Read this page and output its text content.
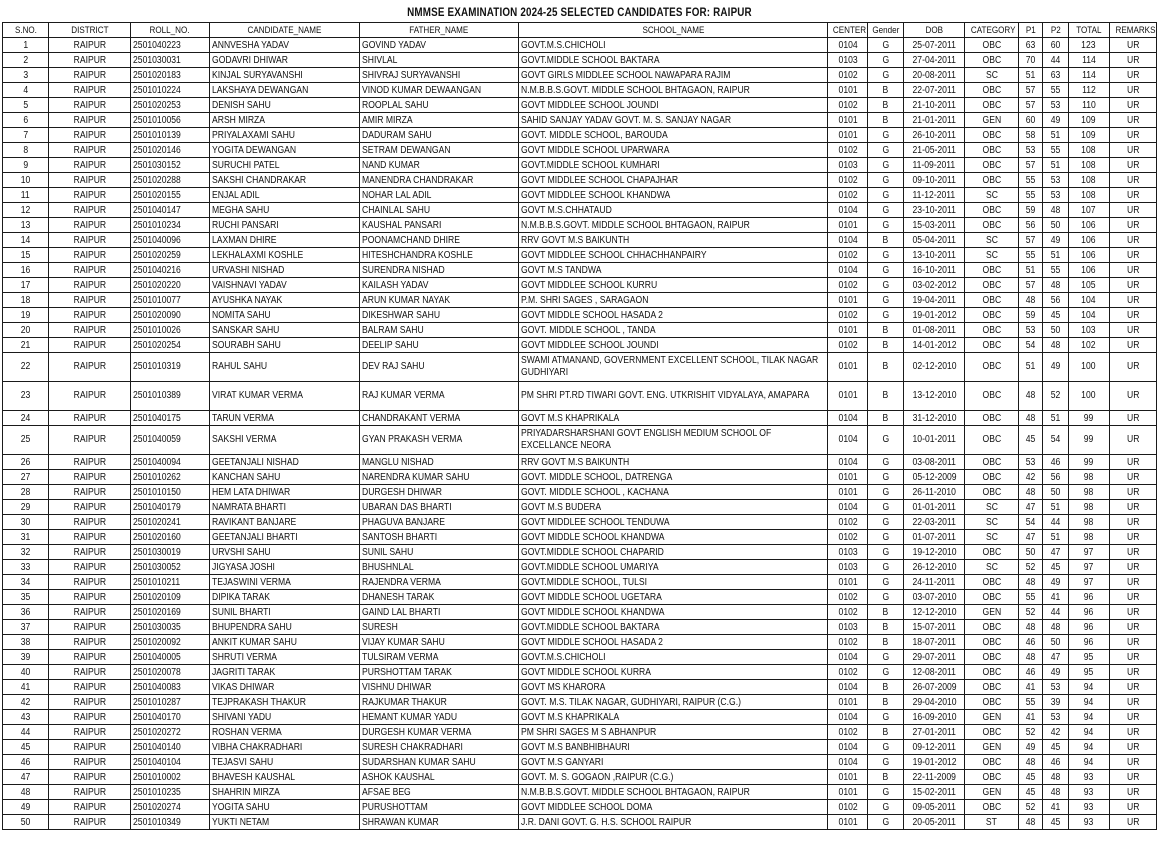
NMMSE EXAMINATION 2024-25 SELECTED CANDIDATES FOR: RAIPUR
S.NO.	DISTRICT	ROLL_NO.	CANDIDATE_NAME	FATHER_NAME	SCHOOL_NAME	CENTER	Gender	DOB	CATEGORY	P1	P2	TOTAL	REMARKS
1	RAIPUR	2501040223	ANNVESHA YADAV	GOVIND YADAV	GOVT.M.S.CHICHOLI	0104	G	25-07-2011	OBC	63	60	123	UR
2	RAIPUR	2501030031	GODAVRI DHIWAR	SHIVLAL	GOVT.MIDDLE SCHOOL BAKTARA	0103	G	27-04-2011	OBC	70	44	114	UR
3	RAIPUR	2501020183	KINJAL SURYAVANSHI	SHIVRAJ SURYAVANSHI	GOVT GIRLS MIDDLEE SCHOOL NAWAPARA RAJIM	0102	G	20-08-2011	SC	51	63	114	UR
4	RAIPUR	2501010224	LAKSHAYA DEWANGAN	VINOD KUMAR DEWAANGAN	N.M.B.B.S.GOVT. MIDDLE SCHOOL BHTAGAON, RAIPUR	0101	B	22-07-2011	OBC	57	55	112	UR
5	RAIPUR	2501020253	DENISH SAHU	ROOPLAL SAHU	GOVT MIDDLEE SCHOOL JOUNDI	0102	B	21-10-2011	OBC	57	53	110	UR
6	RAIPUR	2501010056	ARSH MIRZA	AMIR MIRZA	SAHID SANJAY YADAV GOVT. M. S. SANJAY NAGAR	0101	B	21-01-2011	GEN	60	49	109	UR
7	RAIPUR	2501010139	PRIYALAXAMI SAHU	DADURAM SAHU	GOVT. MIDDLE SCHOOL, BAROUDA	0101	G	26-10-2011	OBC	58	51	109	UR
8	RAIPUR	2501020146	YOGITA DEWANGAN	SETRAM DEWANGAN	GOVT MIDDLE SCHOOL UPARWARA	0102	G	21-05-2011	OBC	53	55	108	UR
9	RAIPUR	2501030152	SURUCHI PATEL	NAND KUMAR	GOVT.MIDDLE SCHOOL KUMHARI	0103	G	11-09-2011	OBC	57	51	108	UR
10	RAIPUR	2501020288	SAKSHI CHANDRAKAR	MANENDRA CHANDRAKAR	GOVT MIDDLEE SCHOOL CHAPAJHAR	0102	G	09-10-2011	OBC	55	53	108	UR
11	RAIPUR	2501020155	ENJAL ADIL	NOHAR LAL ADIL	GOVT MIDDLEE SCHOOL KHANDWA	0102	G	11-12-2011	SC	55	53	108	UR
12	RAIPUR	2501040147	MEGHA SAHU	CHAINLAL SAHU	GOVT M.S.CHHATAUD	0104	G	23-10-2011	OBC	59	48	107	UR
13	RAIPUR	2501010234	RUCHI PANSARI	KAUSHAL PANSARI	N.M.B.B.S.GOVT. MIDDLE SCHOOL BHTAGAON, RAIPUR	0101	G	15-03-2011	OBC	56	50	106	UR
14	RAIPUR	2501040096	LAXMAN DHIRE	POONAMCHAND DHIRE	RRV GOVT M.S BAIKUNTH	0104	B	05-04-2011	SC	57	49	106	UR
15	RAIPUR	2501020259	LEKHALAXMI KOSHLE	HITESHCHANDRA KOSHLE	GOVT MIDDLEE SCHOOL CHHACHHANPAIRY	0102	G	13-10-2011	SC	55	51	106	UR
16	RAIPUR	2501040216	URVASHI NISHAD	SURENDRA NISHAD	GOVT M.S TANDWA	0104	G	16-10-2011	OBC	51	55	106	UR
17	RAIPUR	2501020220	VAISHNAVI YADAV	KAILASH YADAV	GOVT MIDDLEE SCHOOL KURRU	0102	G	03-02-2012	OBC	57	48	105	UR
18	RAIPUR	2501010077	AYUSHKA NAYAK	ARUN KUMAR NAYAK	P.M. SHRI SAGES , SARAGAON	0101	G	19-04-2011	OBC	48	56	104	UR
19	RAIPUR	2501020090	NOMITA SAHU	DIKESHWAR SAHU	GOVT MIDDLE SCHOOL HASADA 2	0102	G	19-01-2012	OBC	59	45	104	UR
20	RAIPUR	2501010026	SANSKAR SAHU	BALRAM SAHU	GOVT. MIDDLE SCHOOL , TANDA	0101	B	01-08-2011	OBC	53	50	103	UR
21	RAIPUR	2501020254	SOURABH SAHU	DEELIP SAHU	GOVT MIDDLEE SCHOOL JOUNDI	0102	B	14-01-2012	OBC	54	48	102	UR
22	RAIPUR	2501010319	RAHUL SAHU	DEV RAJ SAHU	SWAMI ATMANAND, GOVERNMENT EXCELLENT SCHOOL, TILAK NAGAR GUDHIYARI	0101	B	02-12-2010	OBC	51	49	100	UR
23	RAIPUR	2501010389	VIRAT KUMAR VERMA	RAJ KUMAR VERMA	PM SHRI PT.RD TIWARI GOVT. ENG. UTKRISHIT VIDYALAYA, AMAPARA	0101	B	13-12-2010	OBC	48	52	100	UR
24	RAIPUR	2501040175	TARUN VERMA	CHANDRAKANT VERMA	GOVT M.S KHAPRIKALA	0104	B	31-12-2010	OBC	48	51	99	UR
25	RAIPUR	2501040059	SAKSHI VERMA	GYAN PRAKASH VERMA	PRIYADARSHARSHANI GOVT ENGLISH MEDIUM SCHOOL OF EXCELLANCE NEORA	0104	G	10-01-2011	OBC	45	54	99	UR
26	RAIPUR	2501040094	GEETANJALI NISHAD	MANGLU NISHAD	RRV GOVT M.S BAIKUNTH	0104	G	03-08-2011	OBC	53	46	99	UR
27	RAIPUR	2501010262	KANCHAN SAHU	NARENDRA KUMAR SAHU	GOVT. MIDDLE SCHOOL, DATRENGA	0101	G	05-12-2009	OBC	42	56	98	UR
28	RAIPUR	2501010150	HEM LATA DHIWAR	DURGESH DHIWAR	GOVT. MIDDLE SCHOOL , KACHANA	0101	G	26-11-2010	OBC	48	50	98	UR
29	RAIPUR	2501040179	NAMRATA BHARTI	UBARAN DAS BHARTI	GOVT M.S BUDERA	0104	G	01-01-2011	SC	47	51	98	UR
30	RAIPUR	2501020241	RAVIKANT BANJARE	PHAGUVA BANJARE	GOVT MIDDLEE SCHOOL TENDUWA	0102	G	22-03-2011	SC	54	44	98	UR
31	RAIPUR	2501020160	GEETANJALI BHARTI	SANTOSH BHARTI	GOVT MIDDLE SCHOOL KHANDWA	0102	G	01-07-2011	SC	47	51	98	UR
32	RAIPUR	2501030019	URVSHI SAHU	SUNIL SAHU	GOVT.MIDDLE SCHOOL CHAPARID	0103	G	19-12-2010	OBC	50	47	97	UR
33	RAIPUR	2501030052	JIGYASA JOSHI	BHUSHNLAL	GOVT.MIDDLE SCHOOL UMARIYA	0103	G	26-12-2010	SC	52	45	97	UR
34	RAIPUR	2501010211	TEJASWINI VERMA	RAJENDRA VERMA	GOVT.MIDDLE SCHOOL, TULSI	0101	G	24-11-2011	OBC	48	49	97	UR
35	RAIPUR	2501020109	DIPIKA TARAK	DHANESH TARAK	GOVT MIDDLE SCHOOL UGETARA	0102	G	03-07-2010	OBC	55	41	96	UR
36	RAIPUR	2501020169	SUNIL BHARTI	GAIND LAL BHARTI	GOVT MIDDLE SCHOOL KHANDWA	0102	B	12-12-2010	GEN	52	44	96	UR
37	RAIPUR	2501030035	BHUPENDRA SAHU	SURESH	GOVT.MIDDLE SCHOOL BAKTARA	0103	B	15-07-2011	OBC	48	48	96	UR
38	RAIPUR	2501020092	ANKIT KUMAR SAHU	VIJAY KUMAR SAHU	GOVT MIDDLE SCHOOL HASADA 2	0102	B	18-07-2011	OBC	46	50	96	UR
39	RAIPUR	2501040005	SHRUTI VERMA	TULSIRAM VERMA	GOVT.M.S.CHICHOLI	0104	G	29-07-2011	OBC	48	47	95	UR
40	RAIPUR	2501020078	JAGRITI TARAK	PURSHOTTAM TARAK	GOVT MIDDLE SCHOOL KURRA	0102	G	12-08-2011	OBC	46	49	95	UR
41	RAIPUR	2501040083	VIKAS DHIWAR	VISHNU DHIWAR	GOVT MS KHARORA	0104	B	26-07-2009	OBC	41	53	94	UR
42	RAIPUR	2501010287	TEJPRAKASH THAKUR	RAJKUMAR THAKUR	GOVT. M.S. TILAK NAGAR, GUDHIYARI, RAIPUR (C.G.)	0101	B	29-04-2010	OBC	55	39	94	UR
43	RAIPUR	2501040170	SHIVANI YADU	HEMANT KUMAR YADU	GOVT M.S KHAPRIKALA	0104	G	16-09-2010	GEN	41	53	94	UR
44	RAIPUR	2501020272	ROSHAN VERMA	DURGESH KUMAR VERMA	PM SHRI SAGES M S ABHANPUR	0102	B	27-01-2011	OBC	52	42	94	UR
45	RAIPUR	2501040140	VIBHA CHAKRADHARI	SURESH CHAKRADHARI	GOVT M.S BANBHIBHAURI	0104	G	09-12-2011	GEN	49	45	94	UR
46	RAIPUR	2501040104	TEJASVI SAHU	SUDARSHAN KUMAR SAHU	GOVT M.S GANYARI	0104	G	19-01-2012	OBC	48	46	94	UR
47	RAIPUR	2501010002	BHAVESH KAUSHAL	ASHOK KAUSHAL	GOVT. M. S. GOGAON ,RAIPUR (C.G.)	0101	B	22-11-2009	OBC	45	48	93	UR
48	RAIPUR	2501010235	SHAHRIN MIRZA	AFSAE BEG	N.M.B.B.S.GOVT. MIDDLE SCHOOL BHTAGAON, RAIPUR	0101	G	15-02-2011	GEN	45	48	93	UR
49	RAIPUR	2501020274	YOGITA SAHU	PURUSHOTTAM	GOVT MIDDLEE SCHOOL DOMA	0102	G	09-05-2011	OBC	52	41	93	UR
50	RAIPUR	2501010349	YUKTI NETAM	SHRAWAN KUMAR	J.R. DANI GOVT. G. H.S. SCHOOL RAIPUR	0101	G	20-05-2011	ST	48	45	93	UR
